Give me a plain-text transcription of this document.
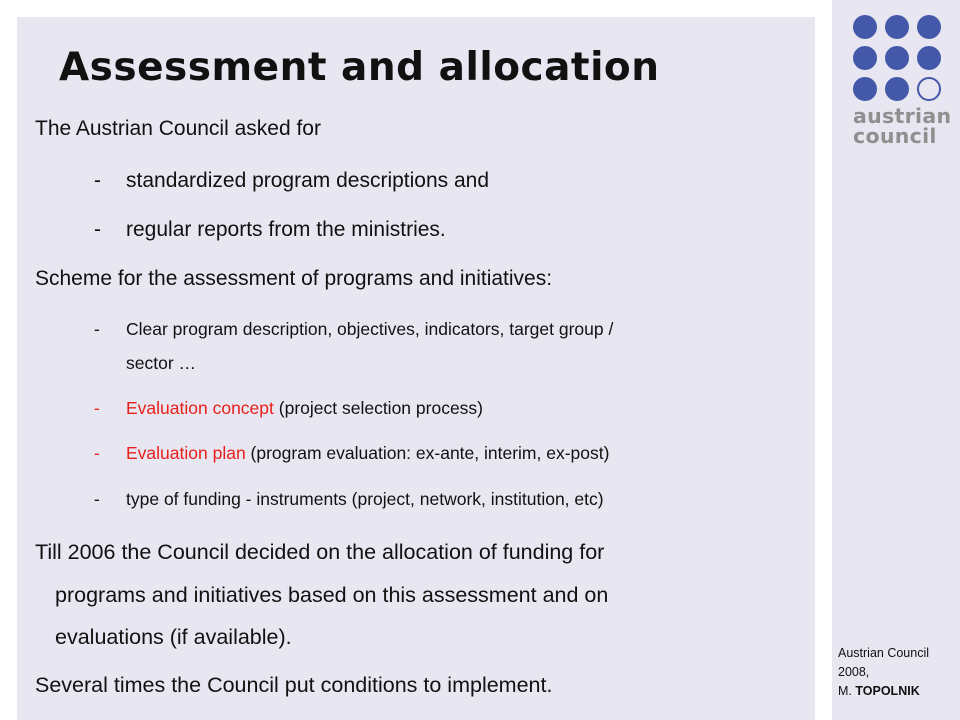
Assessment and allocation
The Austrian Council asked for
- standardized program descriptions and
- regular reports from the ministries.
Scheme for the assessment of programs and initiatives:
- Clear program description, objectives, indicators, target group /
sector …
- Evaluation concept (project selection process)
- Evaluation plan (program evaluation: ex-ante, interim, ex-post)
- type of funding - instruments (project, network, institution, etc)
Till 2006 the Council decided on the allocation of funding for
programs and initiatives based on this assessment and on
evaluations (if available).
Several times the Council put conditions to implement.
austrian
council
Austrian Council
2008,
M. TOPOLNIK
